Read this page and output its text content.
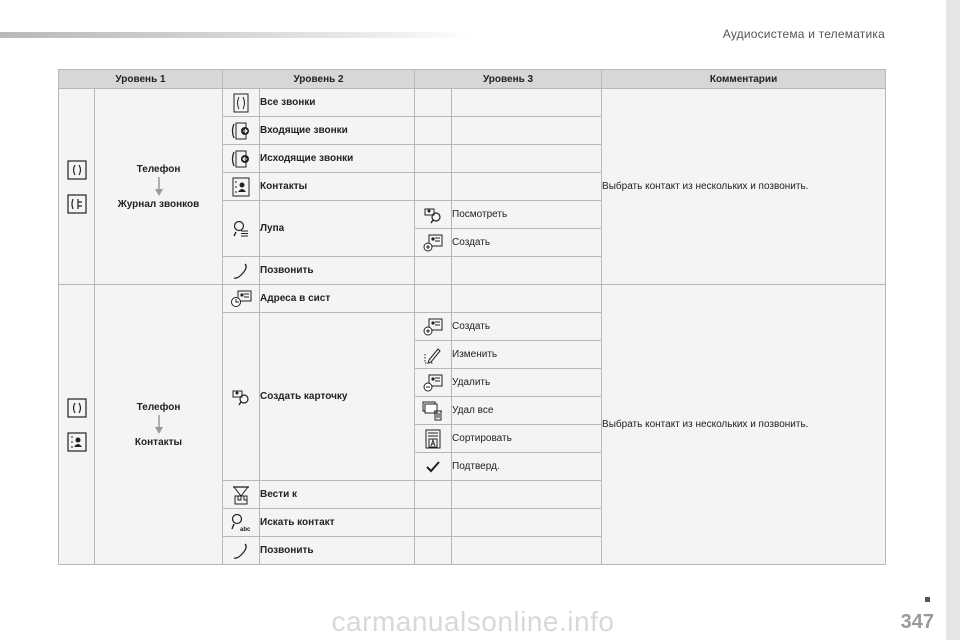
Аудиосистема и телематика
Уровень 1		Уровень 2		Уровень 3		Комментарии

Телефон
Журнал звонков		Все звонки			Выбрать контакт из нескольких и позвонить.
	Входящие звонки			
	Исходящие звонки			
	Контакты			
	Лупа		Посмотреть	
	Создать	
	Позвонить			

Телефон
Контакты		Адреса в сист			Выбрать контакт из нескольких и позвонить.
	Создать карточку		Создать	
	Изменить	
	Удалить	
	Удал все	
	Сортировать	
	Подтверд.	
	Вести к			

abc	Искать контакт			
	Позвонить			
347
carmanualsonline.info
